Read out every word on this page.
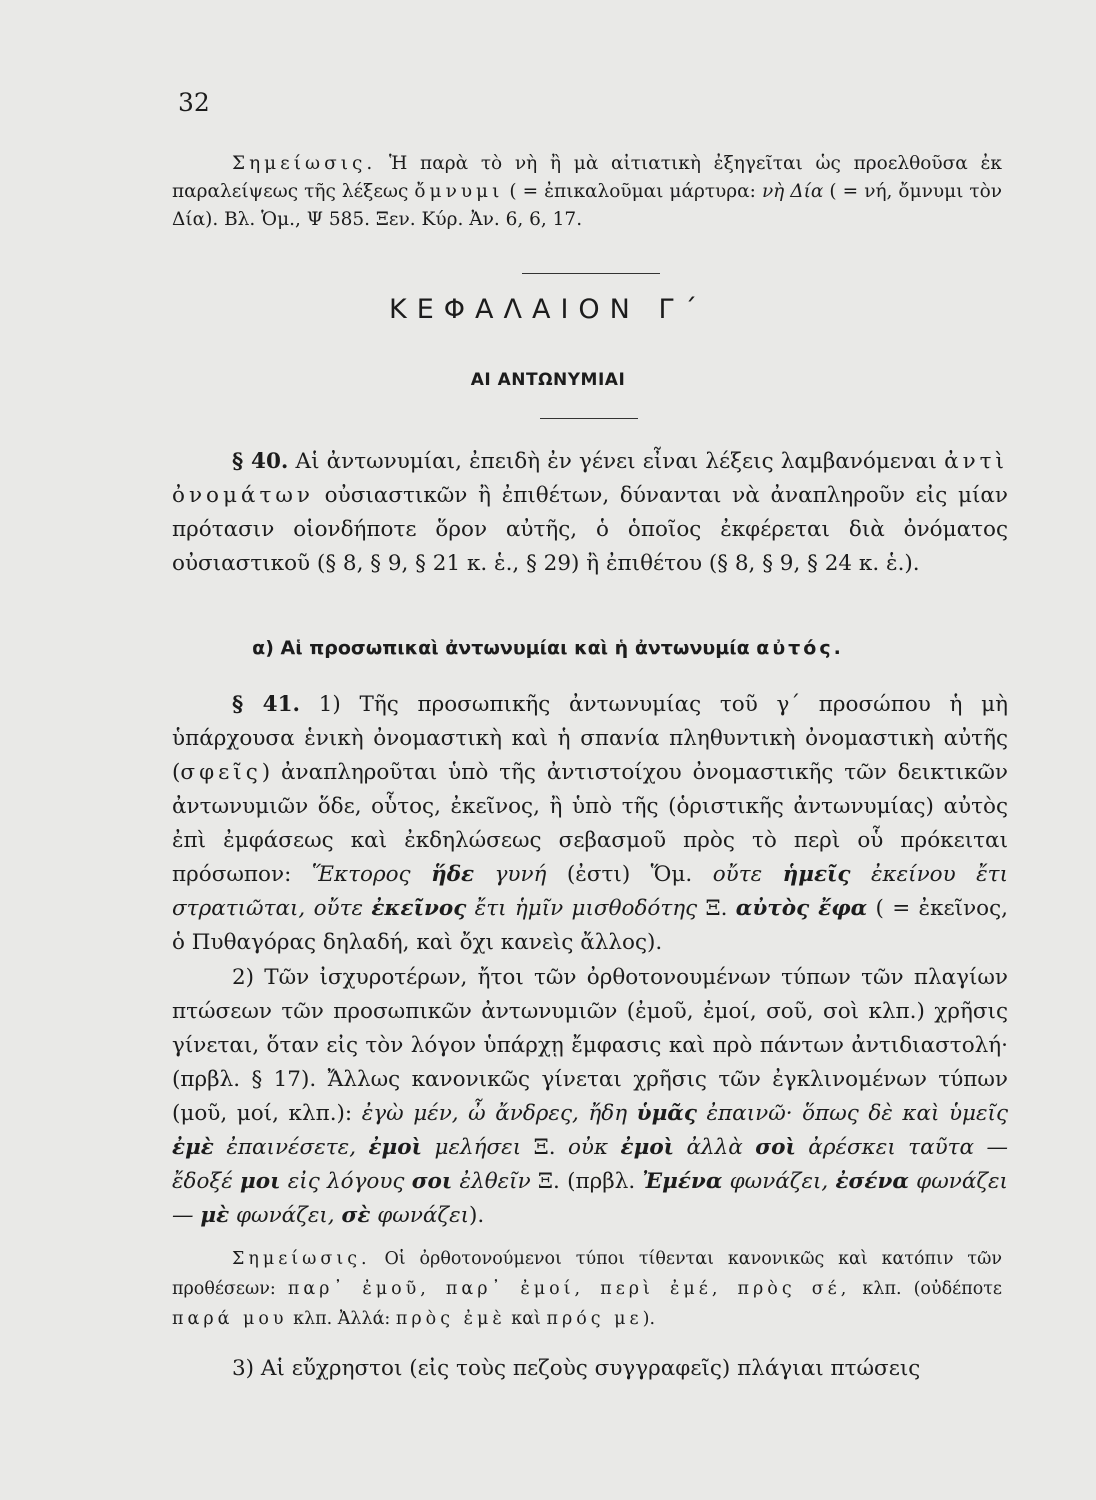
32

Σημείωσις. Ἡ παρὰ τὸ νὴ ἢ μὰ αἰτιατικὴ ἐξηγεῖται ὡς προελθοῦσα ἐκ παραλείψεως τῆς λέξεως ὄμνυμι ( = ἐπικαλοῦμαι μάρτυρα: νὴ Δία ( = νή, ὄμνυμι τὸν Δία). Βλ. Ὁμ., Ψ 585. Ξεν. Κύρ. Ἀν. 6, 6, 17.

ΚΕΦΑΛΑΙΟΝ Γ΄
ΑΙ ΑΝΤΩΝΥΜΙΑΙ

§ 40. Αἱ ἀντωνυμίαι, ἐπειδὴ ἐν γένει εἶναι λέξεις λαμβανόμεναι ἀντὶ ὀνομάτων οὐσιαστικῶν ἢ ἐπιθέτων, δύνανται νὰ ἀναπληροῦν εἰς μίαν πρότασιν οἱονδήποτε ὅρον αὐτῆς, ὁ ὁποῖος ἐκφέρεται διὰ ὀνόματος οὐσιαστικοῦ (§ 8, § 9, § 21 κ. ἑ., § 29) ἢ ἐπιθέτου (§ 8, § 9, § 24 κ. ἑ.).

α) Αἱ προσωπικαὶ ἀντωνυμίαι καὶ ἡ ἀντωνυμία αὐτός.

§ 41. 1) Τῆς προσωπικῆς ἀντωνυμίας τοῦ γ΄ προσώπου ἡ μὴ ὑπάρχουσα ἑνικὴ ὀνομαστικὴ καὶ ἡ σπανία πληθυντικὴ ὀνομαστικὴ αὐτῆς (σφεῖς) ἀναπληροῦται ὑπὸ τῆς ἀντιστοίχου ὀνομαστικῆς τῶν δεικτικῶν ἀντωνυμιῶν ὅδε, οὗτος, ἐκεῖνος, ἢ ὑπὸ τῆς (ὁριστικῆς ἀντωνυμίας) αὐτὸς ἐπὶ ἐμφάσεως καὶ ἐκδηλώσεως σεβασμοῦ πρὸς τὸ περὶ οὗ πρόκειται πρόσωπον: Ἕκτορος ἥδε γυνή (ἐστι) Ὅμ. οὔτε ἡμεῖς ἐκείνου ἔτι στρατιῶται, οὔτε ἐκεῖνος ἔτι ἡμῖν μισθοδότης Ξ. αὐτὸς ἔφα ( = ἐκεῖνος, ὁ Πυθαγόρας δηλαδή, καὶ ὄχι κανεὶς ἄλλος).

2) Τῶν ἰσχυροτέρων, ἤτοι τῶν ὀρθοτονουμένων τύπων τῶν πλαγίων πτώσεων τῶν προσωπικῶν ἀντωνυμιῶν (ἐμοῦ, ἐμοί, σοῦ, σοὶ κλπ.) χρῆσις γίνεται, ὅταν εἰς τὸν λόγον ὑπάρχῃ ἔμφασις καὶ πρὸ πάντων ἀντιδιαστολή· (πρβλ. § 17). Ἄλλως κανονικῶς γίνεται χρῆσις τῶν ἐγκλινομένων τύπων (μοῦ, μοί, κλπ.): ἐγὼ μέν, ὦ ἄνδρες, ἤδη ὑμᾶς ἐπαινῶ· ὅπως δὲ καὶ ὑμεῖς ἐμὲ ἐπαινέσετε, ἐμοὶ μελήσει Ξ. οὐκ ἐμοὶ ἀλλὰ σοὶ ἀρέσκει ταῦτα — ἔδοξέ μοι εἰς λόγους σοι ἐλθεῖν Ξ. (πρβλ. Ἐμένα φωνάζει, ἐσένα φωνάζει — μὲ φωνάζει, σὲ φωνάζει).

Σημείωσις. Οἱ ὀρθοτονούμενοι τύποι τίθενται κανονικῶς καὶ κατόπιν τῶν προθέσεων: παρ᾽ ἐμοῦ, παρ᾽ ἐμοί, περὶ ἐμέ, πρὸς σέ, κλπ. (οὐδέποτε παρά μου κλπ. Ἀλλά: πρὸς ἐμὲ καὶ πρός με).

3) Αἱ εὔχρηστοι (εἰς τοὺς πεζοὺς συγγραφεῖς) πλάγιαι πτώσεις
